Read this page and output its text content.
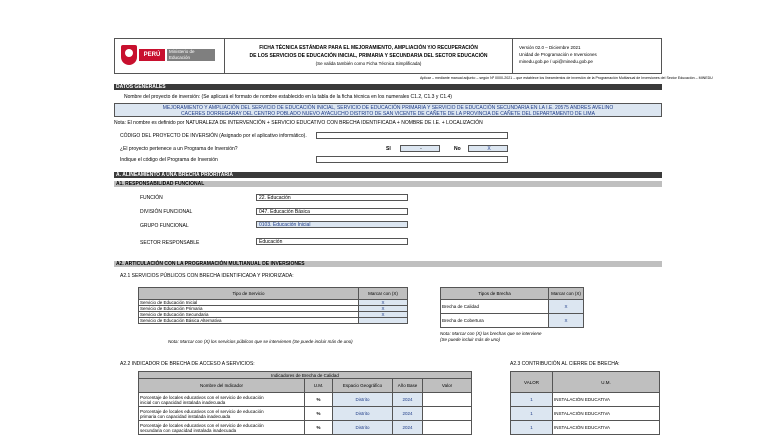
PERÚ
Ministerio de Educación
FICHA TÉCNICA ESTÁNDAR PARA EL MEJORAMIENTO, AMPLIACIÓN Y/O RECUPERACIÓN
DE LOS SERVICIOS DE EDUCACIÓN INICIAL, PRIMARIA Y SECUNDARIA DEL SECTOR EDUCACIÓN
(Se valida también como Ficha Técnica Simplificada)
Versión 02.0 – Diciembre 2021
Unidad de Programación e Inversiones
minedu.gob.pe / upi@minedu.gob.pe
Aplicar – mediante manual adjunto – según Nº 0000-2021 – que establece los lineamientos de inversión de la Programación Multianual de Inversiones del Sector Educación – MINEDU
DATOS GENERALES
Nombre del proyecto de inversión: (Se aplicará el formato de nombre establecido en la tabla de la ficha técnica en los numerales C1.2, C1.3 y C1.4)
MEJORAMIENTO Y AMPLIACIÓN DEL SERVICIO DE EDUCACIÓN INICIAL, SERVICIO DE EDUCACIÓN PRIMARIA Y SERVICIO DE EDUCACIÓN SECUNDARIA EN LA I.E. 20575 ANDRES AVELINO
CACERES DORREGARAY DEL CENTRO POBLADO NUEVO AYACUCHO DISTRITO DE SAN VICENTE DE CAÑETE DE LA PROVINCIA DE CAÑETE DEL DEPARTAMENTO DE LIMA
Nota: El nombre es definido por NATURALEZA DE INTERVENCIÓN + SERVICIO EDUCATIVO CON BRECHA IDENTIFICADA + NOMBRE DE I.E. + LOCALIZACIÓN
CÓDIGO DEL PROYECTO DE INVERSIÓN (Asignado por el aplicativo informático).
¿El proyecto pertenece a un Programa de Inversión?	SI	-	No	X
Indique el código del Programa de Inversión
A. ALINEAMIENTO A UNA BRECHA PRIORITARIA
A1. RESPONSABILIDAD FUNCIONAL
FUNCIÓN	22. Educación
DIVISIÓN FUNCIONAL	047. Educación Básica
GRUPO FUNCIONAL	0103. Educación Inicial
SECTOR RESPONSABLE	Educación
A2. ARTICULACIÓN CON LA PROGRAMACIÓN MULTIANUAL DE INVERSIONES
A2.1 SERVICIOS PÚBLICOS CON BRECHA IDENTIFICADA Y PRIORIZADA:
Tipo de Servicio	Marcar con (X)
Servicio de Educación Inicial	X
Servicio de Educación Primaria	X
Servicio de Educación Secundaria	X
Servicio de Educación Básica Alternativa	
Nota: Marcar con (X) los servicios públicos que se intervienen (Se puede incluir más de uno)
Tipos de Brecha	Marcar con (X)
Brecha de Calidad	X
Brecha de Cobertura	X
Nota: Marcar con (X) las brechas que se interviene
(Se puede incluir más de uno)
A2.2 INDICADOR DE BRECHA DE ACCESO A SERVICIOS:
Indicadores de Brecha de Calidad				
Nombre del Indicador	U.M.	Espacio Geográfico	Año Base	Valor

Porcentaje de locales educativos con el servicio de educación
inicial con capacidad instalada inadecuada	%	Distrito	2024	

Porcentaje de locales educativos con el servicio de educación
primaria con capacidad instalada inadecuada	%	Distrito	2024	

Porcentaje de locales educativos con el servicio de educación
secundaria con capacidad instalada inadecuada	%	Distrito	2024	
A2.3 CONTRIBUCIÓN AL CIERRE DE BRECHA:
VALOR	U.M.
1	INSTALACIÓN EDUCATIVA
1	INSTALACIÓN EDUCATIVA
1	INSTALACIÓN EDUCATIVA
